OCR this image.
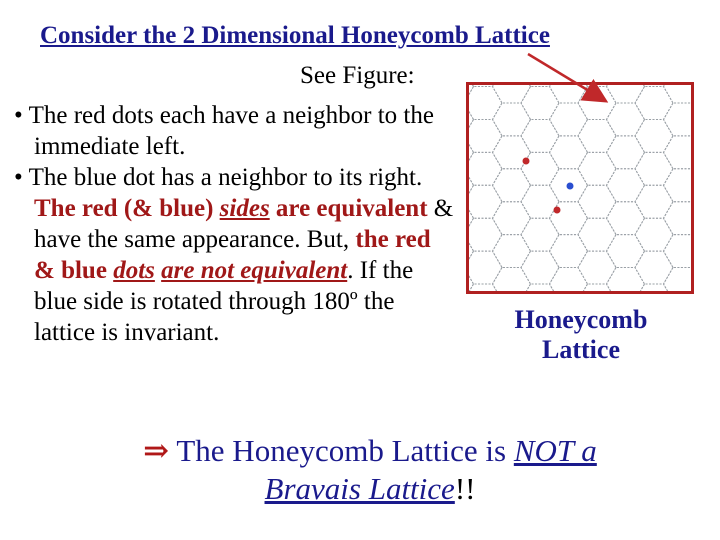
Consider the 2 Dimensional Honeycomb Lattice
See Figure:
• The red dots each have a neighbor to the immediate left.
• The blue dot has a neighbor to its right. The red (& blue) sides are equivalent & have the same appearance. But, the red & blue dots are not equivalent. If the blue side is rotated through 180º the lattice is invariant.	Honeycomb
Lattice
⇒ The Honeycomb Lattice is NOT a
Bravais Lattice!!
